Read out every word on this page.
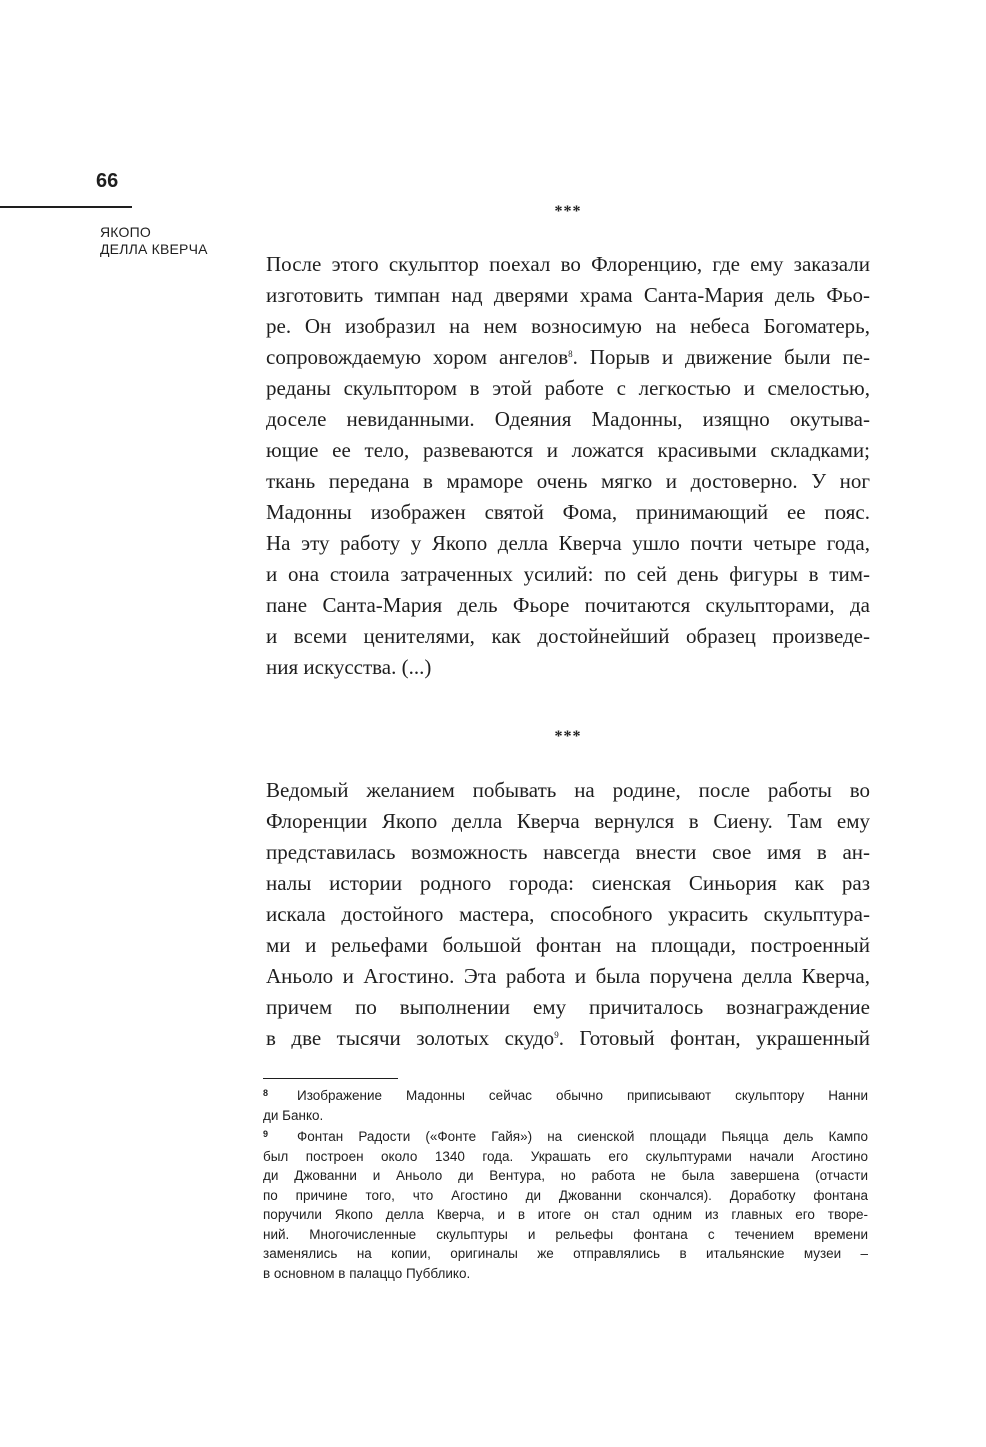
66
ЯКОПО
ДЕЛЛА КВЕРЧА
***
После этого скульптор поехал во Флоренцию, где ему заказали
изготовить тимпан над дверями храма Санта-Мария дель Фьо-
ре. Он изобразил на нем возносимую на небеса Богоматерь,
сопровождаемую хором ангелов$^8$. Порыв и движение были пе-
реданы скульптором в этой работе с легкостью и смелостью,
доселе невиданными. Одеяния Мадонны, изящно окутыва-
ющие ее тело, развеваются и ложатся красивыми складками;
ткань передана в мраморе очень мягко и достоверно. У ног
Мадонны изображен святой Фома, принимающий ее пояс.
На эту работу у Якопо делла Кверча ушло почти четыре года,
и она стоила затраченных усилий: по сей день фигуры в тим-
пане Санта-Мария дель Фьоре почитаются скульпторами, да
и всеми ценителями, как достойнейший образец произведе-
ния искусства. (...)
***
Ведомый желанием побывать на родине, после работы во
Флоренции Якопо делла Кверча вернулся в Сиену. Там ему
представилась возможность навсегда внести свое имя в ан-
налы истории родного города: сиенская Синьория как раз
искала достойного мастера, способного украсить скульптура-
ми и рельефами большой фонтан на площади, построенный
Аньоло и Агостино. Эта работа и была поручена делла Кверча,
причем по выполнении ему причиталось вознаграждение
в две тысячи золотых скудо$^9$. Готовый фонтан, украшенный
8 Изображение Мадонны сейчас обычно приписывают скульптору Нанни
ди Банко.
9 Фонтан Радости («Фонте Гайя») на сиенской площади Пьяцца дель Кампо
был построен около 1340 года. Украшать его скульптурами начали Агостино
ди Джованни и Аньоло ди Вентура, но работа не была завершена (отчасти
по причине того, что Агостино ди Джованни скончался). Доработку фонтана
поручили Якопо делла Кверча, и в итоге он стал одним из главных его творе-
ний. Многочисленные скульптуры и рельефы фонтана с течением времени
заменялись на копии, оригиналы же отправлялись в итальянские музеи –
в основном в палаццо Пубблико.
